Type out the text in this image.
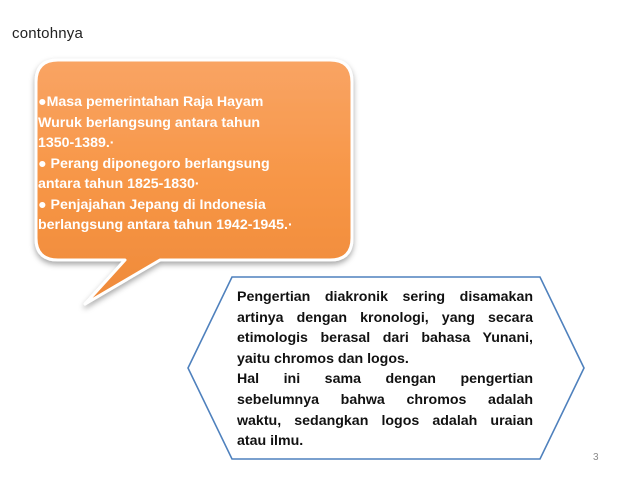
contohnya
●Masa pemerintahan Raja Hayam
Wuruk berlangsung antara tahun
1350-1389.·
● Perang diponegoro berlangsung
antara tahun 1825-1830·
● Penjajahan Jepang di Indonesia
berlangsung antara tahun 1942-1945.·
Pengertian diakronik sering disamakan
artinya dengan kronologi, yang secara
etimologis berasal dari bahasa Yunani,
yaitu chromos dan logos.
Hal ini sama dengan pengertian
sebelumnya bahwa chromos adalah
waktu, sedangkan logos adalah uraian
atau ilmu.
3
